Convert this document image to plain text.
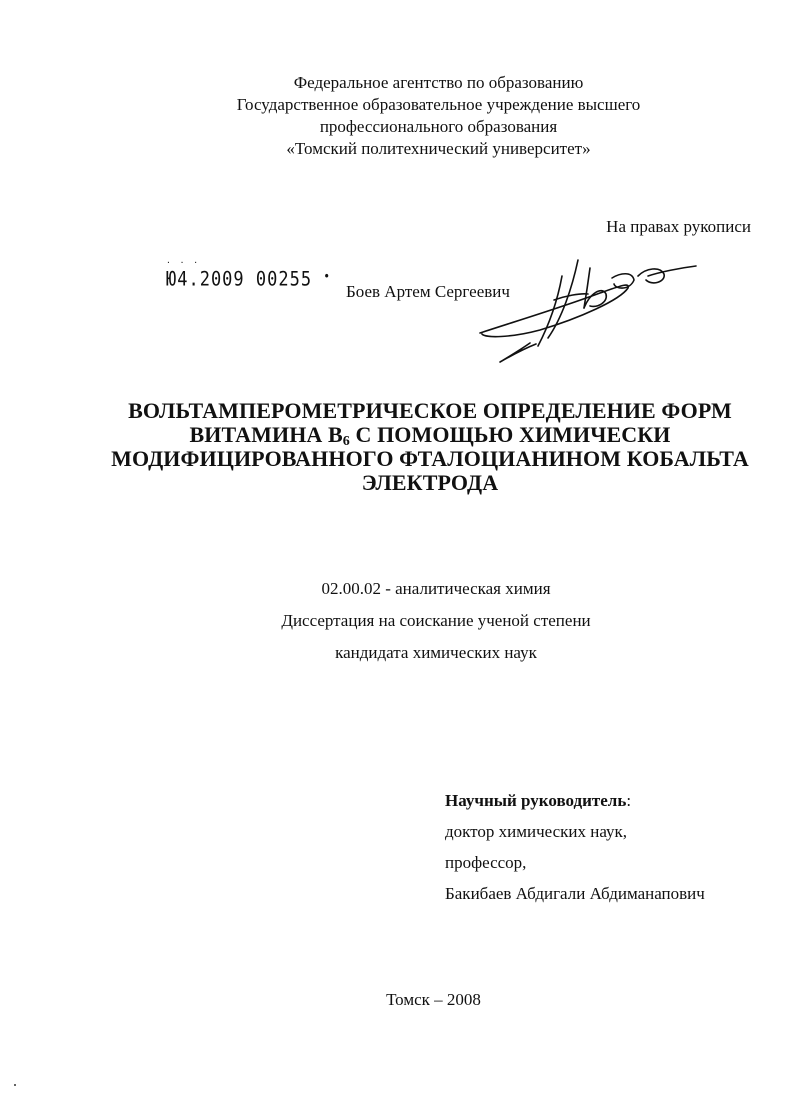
Федеральное агентство по образованию
Государственное образовательное учреждение высшего
профессионального образования
«Томский политехнический университет»
На правах рукописи
· · ·
Ю4.2009 00255 •
Боев Артем Сергеевич
ВОЛЬТАМПЕРОМЕТРИЧЕСКОЕ ОПРЕДЕЛЕНИЕ ФОРМ
ВИТАМИНА $В_6$ С ПОМОЩЬЮ ХИМИЧЕСКИ
МОДИФИЦИРОВАННОГО ФТАЛОЦИАНИНОМ КОБАЛЬТА
ЭЛЕКТРОДА
02.00.02 - аналитическая химия
Диссертация на соискание ученой степени
кандидата химических наук
Научный руководитель:
доктор химических наук,
профессор,
Бакибаев Абдигали Абдиманапович
Томск – 2008
